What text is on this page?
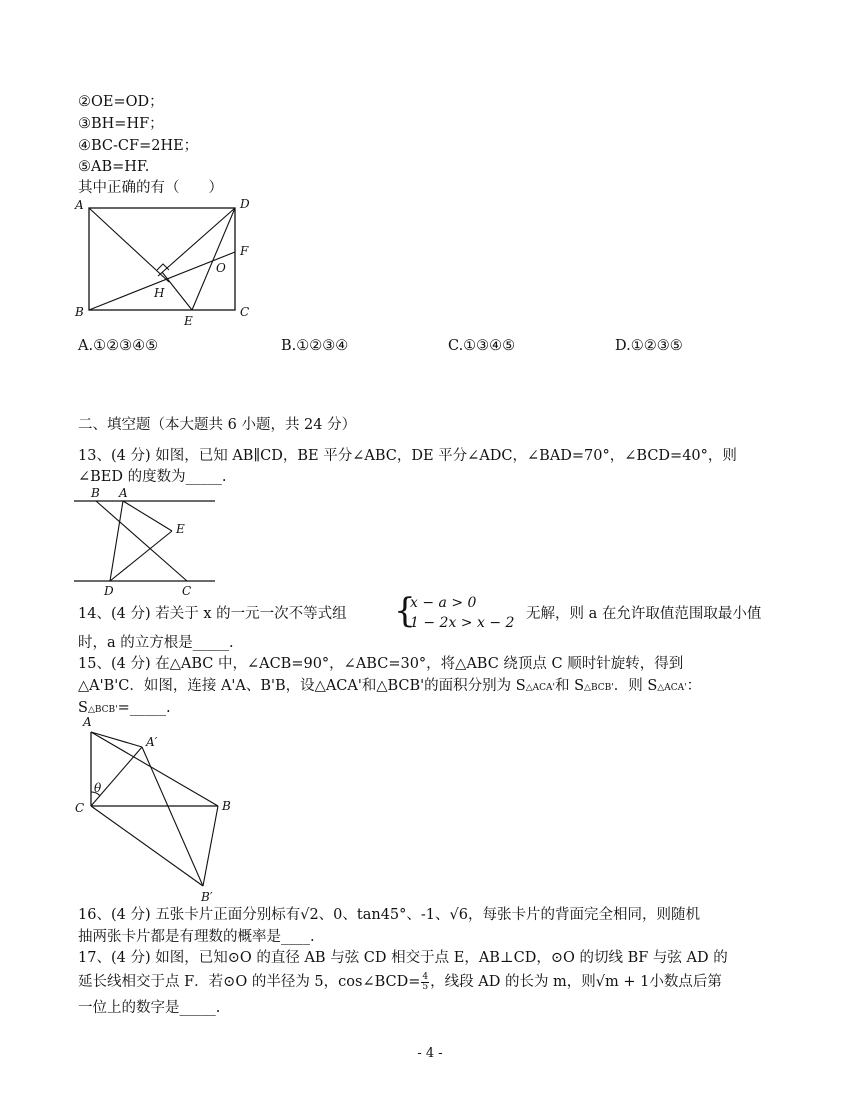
②OE=OD；
③BH=HF；
④BC-CF=2HE；
⑤AB=HF.
其中正确的有（　　）
A	D
F
O
H
B
E
C
A.①②③④⑤	B.①②③④	C.①③④⑤	D.①②③⑤
二、填空题（本大题共 6 小题，共 24 分）
13、(4 分) 如图，已知 AB∥CD，BE 平分∠ABC，DE 平分∠ADC，∠BAD=70°，∠BCD=40°，则
∠BED 的度数为_____.
B A
E
D	C
14、(4 分) 若关于 x 的一元一次不等式组 {
x − a > 0
1 − 2x > x − 2
无解，则 a 在允许取值范围取最小值
时，a 的立方根是_____.
15、(4 分) 在△ABC 中，∠ACB=90°，∠ABC=30°，将△ABC 绕顶点 C 顺时针旋转，得到
△A'B'C．如图，连接 A'A、B'B，设△ACA'和△BCB'的面积分别为 S△ACA'和 S△BCB'．则 S△ACA'：
S△BCB'=_____.
A
A′
θ
C	B
B′
16、(4 分) 五张卡片正面分别标有√2、0、tan45°、-1、√6，每张卡片的背面完全相同，则随机
抽两张卡片都是有理数的概率是____.
17、(4 分) 如图，已知⊙O 的直径 AB 与弦 CD 相交于点 E，AB⊥CD，⊙O 的切线 BF 与弦 AD 的
延长线相交于点 F．若⊙O 的半径为 5，cos∠BCD= $\frac{4}{5}$ ，线段 AD 的长为 m，则√m + 1小数点后第
一位上的数字是_____.
- 4 -
